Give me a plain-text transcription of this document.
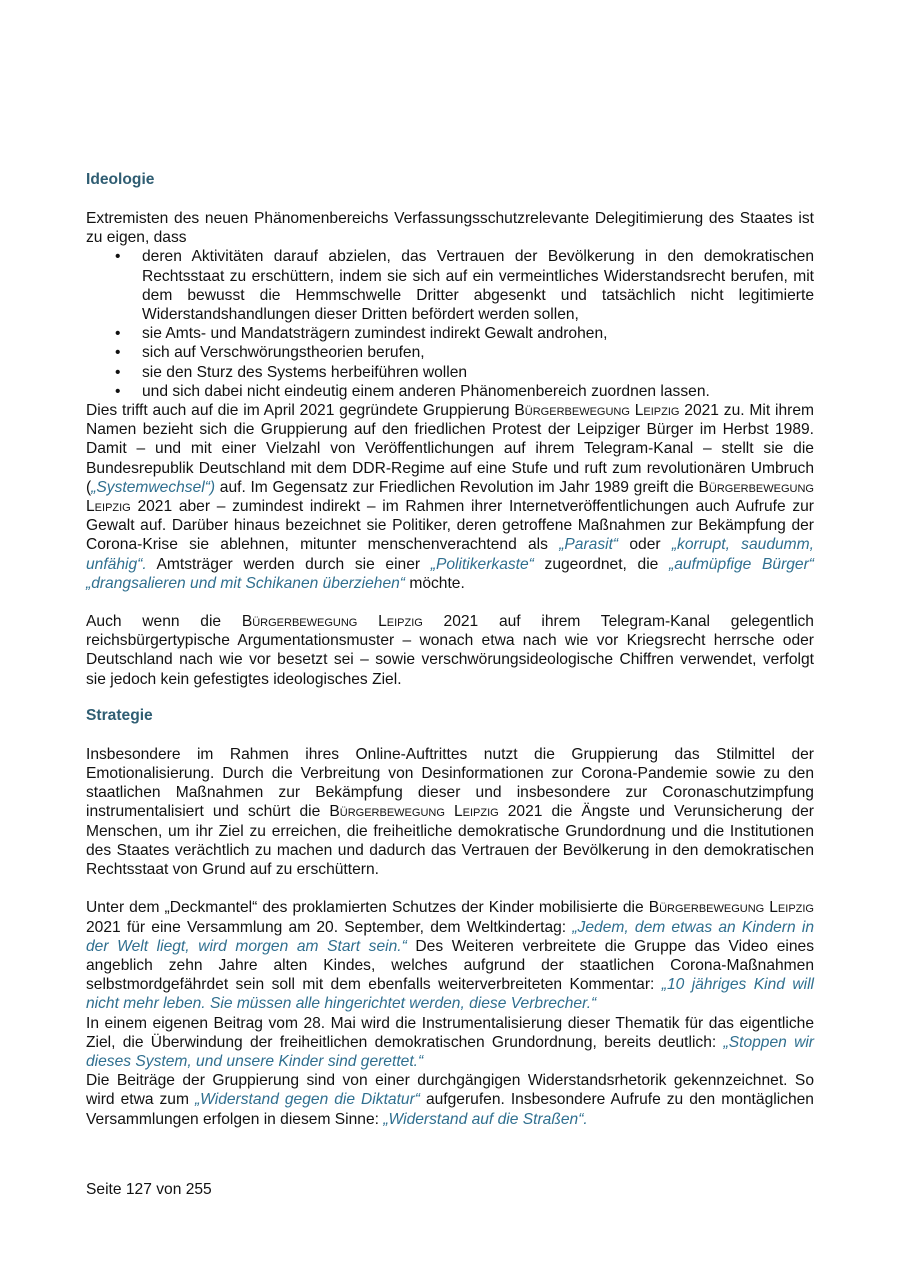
Ideologie

Extremisten des neuen Phänomenbereichs Verfassungsschutzrelevante Delegitimierung des Staates ist zu eigen, dass

• deren Aktivitäten darauf abzielen, das Vertrauen der Bevölkerung in den demokratischen Rechtsstaat zu erschüttern, indem sie sich auf ein vermeintliches Widerstandsrecht berufen, mit dem bewusst die Hemmschwelle Dritter abgesenkt und tatsächlich nicht legitimierte Widerstandshandlungen dieser Dritten befördert werden sollen,
• sie Amts- und Mandatsträgern zumindest indirekt Gewalt androhen,
• sich auf Verschwörungstheorien berufen,
• sie den Sturz des Systems herbeiführen wollen
• und sich dabei nicht eindeutig einem anderen Phänomenbereich zuordnen lassen.

Dies trifft auch auf die im April 2021 gegründete Gruppierung Bürgerbewegung Leipzig 2021 zu. Mit ihrem Namen bezieht sich die Gruppierung auf den friedlichen Protest der Leipziger Bürger im Herbst 1989. Damit – und mit einer Vielzahl von Veröffentlichungen auf ihrem Telegram-Kanal – stellt sie die Bundesrepublik Deutschland mit dem DDR-Regime auf eine Stufe und ruft zum revolutionären Umbruch („Systemwechsel“) auf. Im Gegensatz zur Friedlichen Revolution im Jahr 1989 greift die Bürgerbewegung Leipzig 2021 aber – zumindest indirekt – im Rahmen ihrer Internetveröffentlichungen auch Aufrufe zur Gewalt auf. Darüber hinaus bezeichnet sie Politiker, deren getroffene Maßnahmen zur Bekämpfung der Corona-Krise sie ablehnen, mitunter menschenverachtend als „Parasit“ oder „korrupt, saudumm, unfähig“. Amtsträger werden durch sie einer „Politikerkaste“ zugeordnet, die „aufmüpfige Bürger“ „drangsalieren und mit Schikanen überziehen“ möchte.

Auch wenn die Bürgerbewegung Leipzig 2021 auf ihrem Telegram-Kanal gelegentlich reichsbürgertypische Argumentationsmuster – wonach etwa nach wie vor Kriegsrecht herrsche oder Deutschland nach wie vor besetzt sei – sowie verschwörungsideologische Chiffren verwendet, verfolgt sie jedoch kein gefestigtes ideologisches Ziel.

Strategie

Insbesondere im Rahmen ihres Online-Auftrittes nutzt die Gruppierung das Stilmittel der Emotionalisierung. Durch die Verbreitung von Desinformationen zur Corona-Pandemie sowie zu den staatlichen Maßnahmen zur Bekämpfung dieser und insbesondere zur Coronaschutzimpfung instrumentalisiert und schürt die Bürgerbewegung Leipzig 2021 die Ängste und Verunsicherung der Menschen, um ihr Ziel zu erreichen, die freiheitliche demokratische Grundordnung und die Institutionen des Staates verächtlich zu machen und dadurch das Vertrauen der Bevölkerung in den demokratischen Rechtsstaat von Grund auf zu erschüttern.

Unter dem „Deckmantel“ des proklamierten Schutzes der Kinder mobilisierte die Bürgerbewegung Leipzig 2021 für eine Versammlung am 20. September, dem Weltkindertag: „Jedem, dem etwas an Kindern in der Welt liegt, wird morgen am Start sein.“ Des Weiteren verbreitete die Gruppe das Video eines angeblich zehn Jahre alten Kindes, welches aufgrund der staatlichen Corona-Maßnahmen selbstmordgefährdet sein soll mit dem ebenfalls weiterverbreiteten Kommentar: „10 jähriges Kind will nicht mehr leben. Sie müssen alle hingerichtet werden, diese Verbrecher.“

In einem eigenen Beitrag vom 28. Mai wird die Instrumentalisierung dieser Thematik für das eigentliche Ziel, die Überwindung der freiheitlichen demokratischen Grundordnung, bereits deutlich: „Stoppen wir dieses System, und unsere Kinder sind gerettet.“

Die Beiträge der Gruppierung sind von einer durchgängigen Widerstandsrhetorik gekennzeichnet. So wird etwa zum „Widerstand gegen die Diktatur“ aufgerufen. Insbesondere Aufrufe zu den montäglichen Versammlungen erfolgen in diesem Sinne: „Widerstand auf die Straßen“.

Seite 127 von 255
